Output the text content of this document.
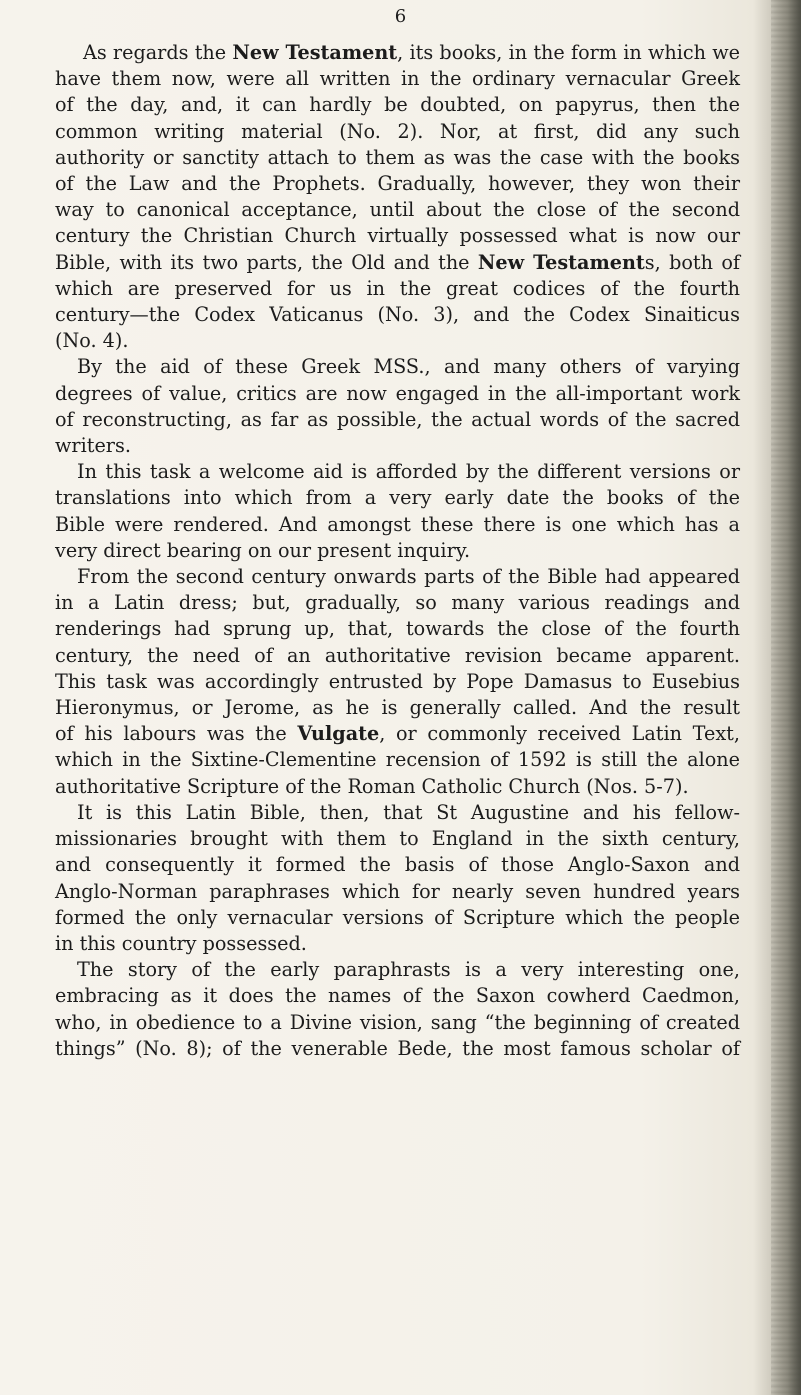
6
As regards the New Testament, its books, in the form in which we
have them now, were all written in the ordinary vernacular Greek
of the day, and, it can hardly be doubted, on papyrus, then the
common writing material (No. 2). Nor, at first, did any such
authority or sanctity attach to them as was the case with the books
of the Law and the Prophets. Gradually, however, they won their
way to canonical acceptance, until about the close of the second
century the Christian Church virtually possessed what is now our
Bible, with its two parts, the Old and the New Testaments, both of
which are preserved for us in the great codices of the fourth
century—the Codex Vaticanus (No. 3), and the Codex Sinaiticus
(No. 4).
By the aid of these Greek MSS., and many others of varying
degrees of value, critics are now engaged in the all-important work
of reconstructing, as far as possible, the actual words of the sacred
writers.
In this task a welcome aid is afforded by the different versions or
translations into which from a very early date the books of the
Bible were rendered. And amongst these there is one which has a
very direct bearing on our present inquiry.
From the second century onwards parts of the Bible had appeared
in a Latin dress; but, gradually, so many various readings and
renderings had sprung up, that, towards the close of the fourth
century, the need of an authoritative revision became apparent.
This task was accordingly entrusted by Pope Damasus to Eusebius
Hieronymus, or Jerome, as he is generally called. And the result
of his labours was the Vulgate, or commonly received Latin Text,
which in the Sixtine-Clementine recension of 1592 is still the alone
authoritative Scripture of the Roman Catholic Church (Nos. 5-7).
It is this Latin Bible, then, that St Augustine and his fellow-
missionaries brought with them to England in the sixth century,
and consequently it formed the basis of those Anglo-Saxon and
Anglo-Norman paraphrases which for nearly seven hundred years
formed the only vernacular versions of Scripture which the people
in this country possessed.
The story of the early paraphrasts is a very interesting one,
embracing as it does the names of the Saxon cowherd Caedmon,
who, in obedience to a Divine vision, sang “the beginning of created
things” (No. 8); of the venerable Bede, the most famous scholar of
